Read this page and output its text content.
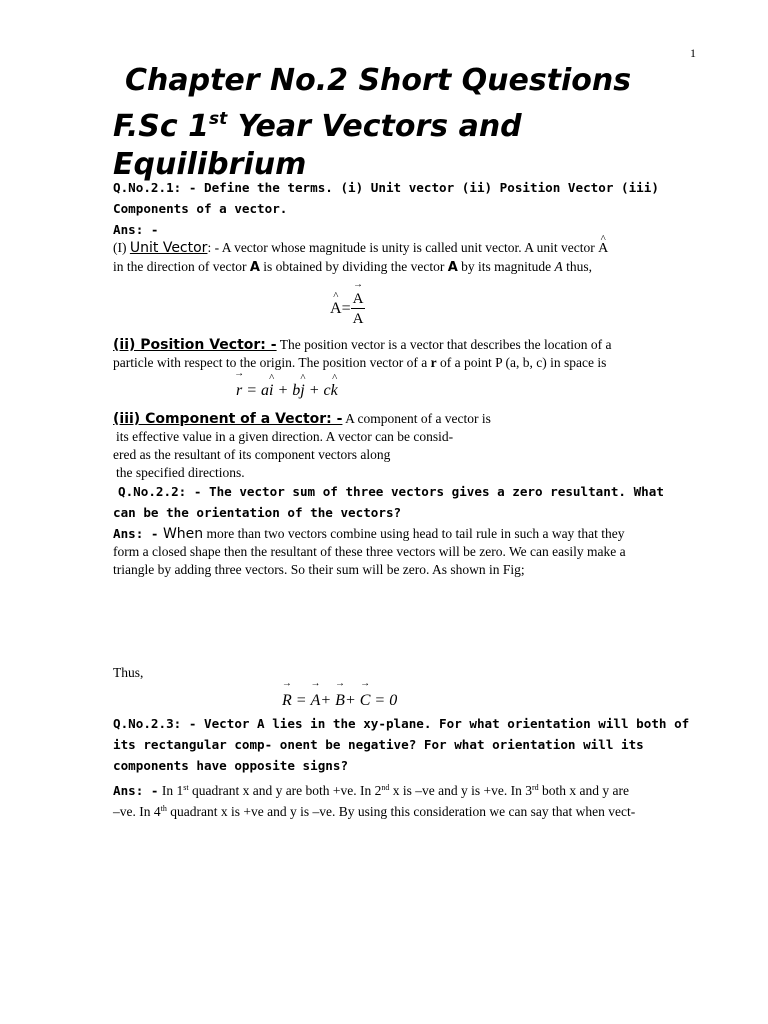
1
Chapter No.2 Short Questions
F.Sc 1st Year Vectors and
Equilibrium
Q.No.2.1: - Define the terms. (i) Unit vector (ii) Position Vector (iii)
Components of a vector.
Ans: -
(I) Unit Vector: - A vector whose magnitude is unity is called unit vector. A unit vector ^ A
in the direction of vector A is obtained by dividing the vector A by its magnitude A thus,
^ A=
→ $\frac{A}{A}$
(ii) Position Vector: - The position vector is a vector that describes the location of a
particle with respect to the origin. The position vector of a r of a point P (a, b, c) in space is
→ r = a^ i + b^ j + c^ k
(iii) Component of a Vector: - A component of a vector is
its effective value in a given direction. A vector can be consid-
ered as the resultant of its component vectors along
the specified directions.
Q.No.2.2: - The vector sum of three vectors gives a zero resultant. What
can be the orientation of the vectors?
Ans: - When more than two vectors combine using head to tail rule in such a way that they
form a closed shape then the resultant of these three vectors will be zero. We can easily make a
triangle by adding three vectors. So their sum will be zero. As shown in Fig;
Thus,
→ R = → A+ → B+ → C = 0
Q.No.2.3: - Vector A lies in the xy-plane. For what orientation will both of
its rectangular comp- onent be negative? For what orientation will its
components have opposite signs?
Ans: - In 1st quadrant x and y are both +ve. In 2nd x is –ve and y is +ve. In 3rd both x and y are
–ve. In 4th quadrant x is +ve and y is –ve. By using this consideration we can say that when vect-
